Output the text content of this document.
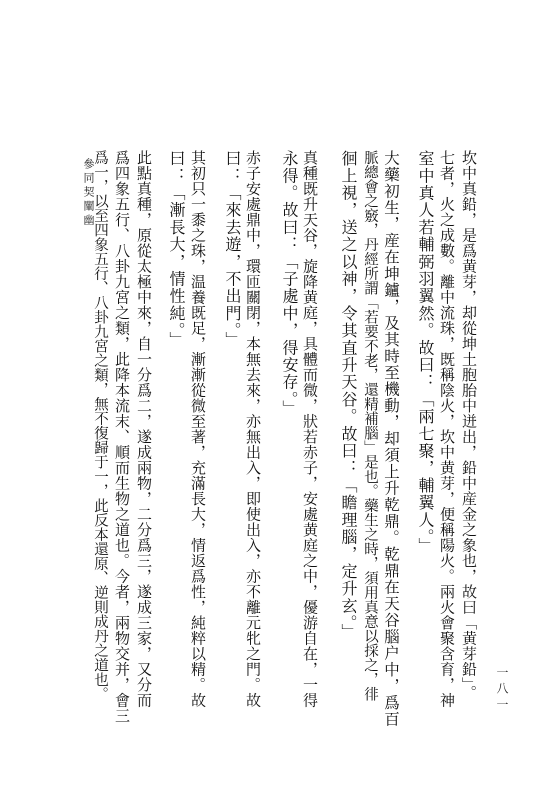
參同契闡幽	坎中真鉛，是爲黄芽，却從坤土胞胎中迸出，鉛中産金之象也，故曰「黄芽鉛」。
七者，火之成數。離中流珠，既稱陰火，坎中黄芽，便稱陽火。兩火會聚含育，神
室中真人若輔弼羽翼然。故曰：「兩七聚，輔翼人。」
大藥初生，産在坤鑪，及其時至機動，却須上升乾鼎。乾鼎在天谷腦户中，爲百
脈總會之竅，丹經所謂「若要不老，還精補腦」是也。藥生之時，須用真意以採之，徘
徊上視，送之以神，令其直升天谷。故曰：「瞻理腦，定升玄。」
真種既升天谷，旋降黄庭，具體而微，狀若赤子，安處黄庭之中，優游自在，一得
永得。故曰：「子處中，得安存。」
赤子安處鼎中，環匝關閉，本無去來，亦無出入，即使出入，亦不離元牝之門。故
曰：「來去遊，不出門。」
其初只一黍之珠，温養既足，漸漸從微至著，充滿長大，情返爲性，純粹以精。故
曰：「漸長大，情性純。」
此點真種，原從太極中來，自一分爲二，遂成兩物，二分爲三，遂成三家，又分而
爲四象五行、八卦九宮之類，此降本流末、順而生物之道也。今者，兩物交并，會三
爲一，以至四象五行、八卦九宮之類，無不復歸于一，此反本還原、逆則成丹之道也。	一八一
